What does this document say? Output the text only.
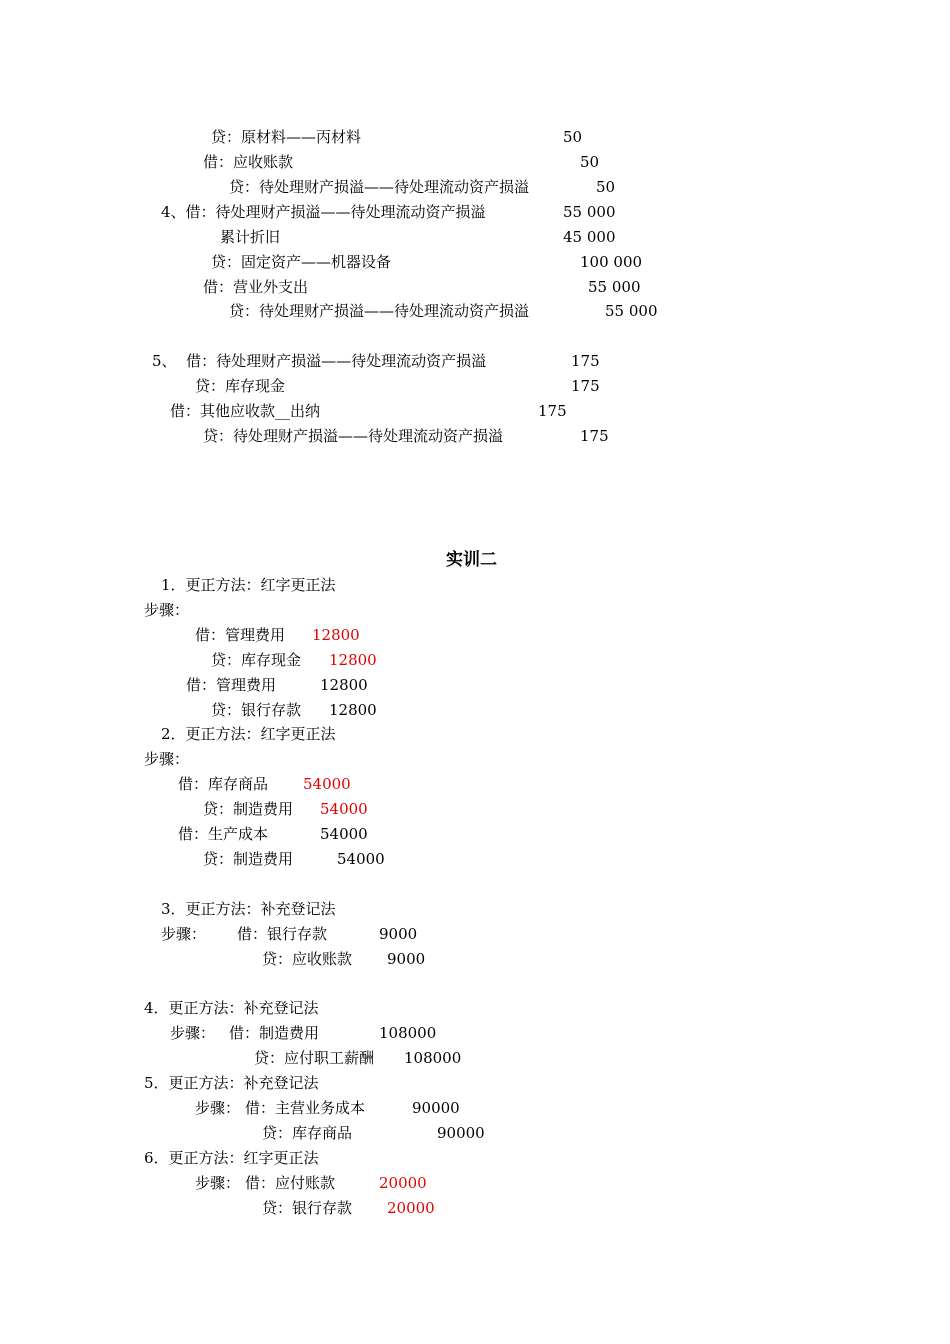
贷：原材料——丙材料	50
借：应收账款	50
贷：待处理财产损溢——待处理流动资产损溢	50
4、借：待处理财产损溢——待处理流动资产损溢	55 000
累计折旧	45 000
贷：固定资产——机器设备	100 000
借：营业外支出	55 000
贷：待处理财产损溢——待处理流动资产损溢	55 000
5、  借：待处理财产损溢——待处理流动资产损溢	175
贷：库存现金	175
借：其他应收款__出纳	175
贷：待处理财产损溢——待处理流动资产损溢	175
实训二
1．更正方法：红字更正法
步骤：
借：管理费用 12800
贷：库存现金 12800
借：管理费用	12800
贷：银行存款 12800
2．更正方法：红字更正法
步骤：
借：库存商品 54000
贷：制造费用 54000
借：生产成本	54000
贷：制造费用	54000
3．更正方法：补充登记法
步骤： 借：银行存款	9000
贷：应收账款 9000
4．更正方法：补充登记法
步骤： 借：制造费用	108000
贷：应付职工薪酬 108000
5．更正方法：补充登记法
步骤： 借：主营业务成本	90000
贷：库存商品	90000
6．更正方法：红字更正法
步骤： 借：应付账款	20000
贷：银行存款 20000
